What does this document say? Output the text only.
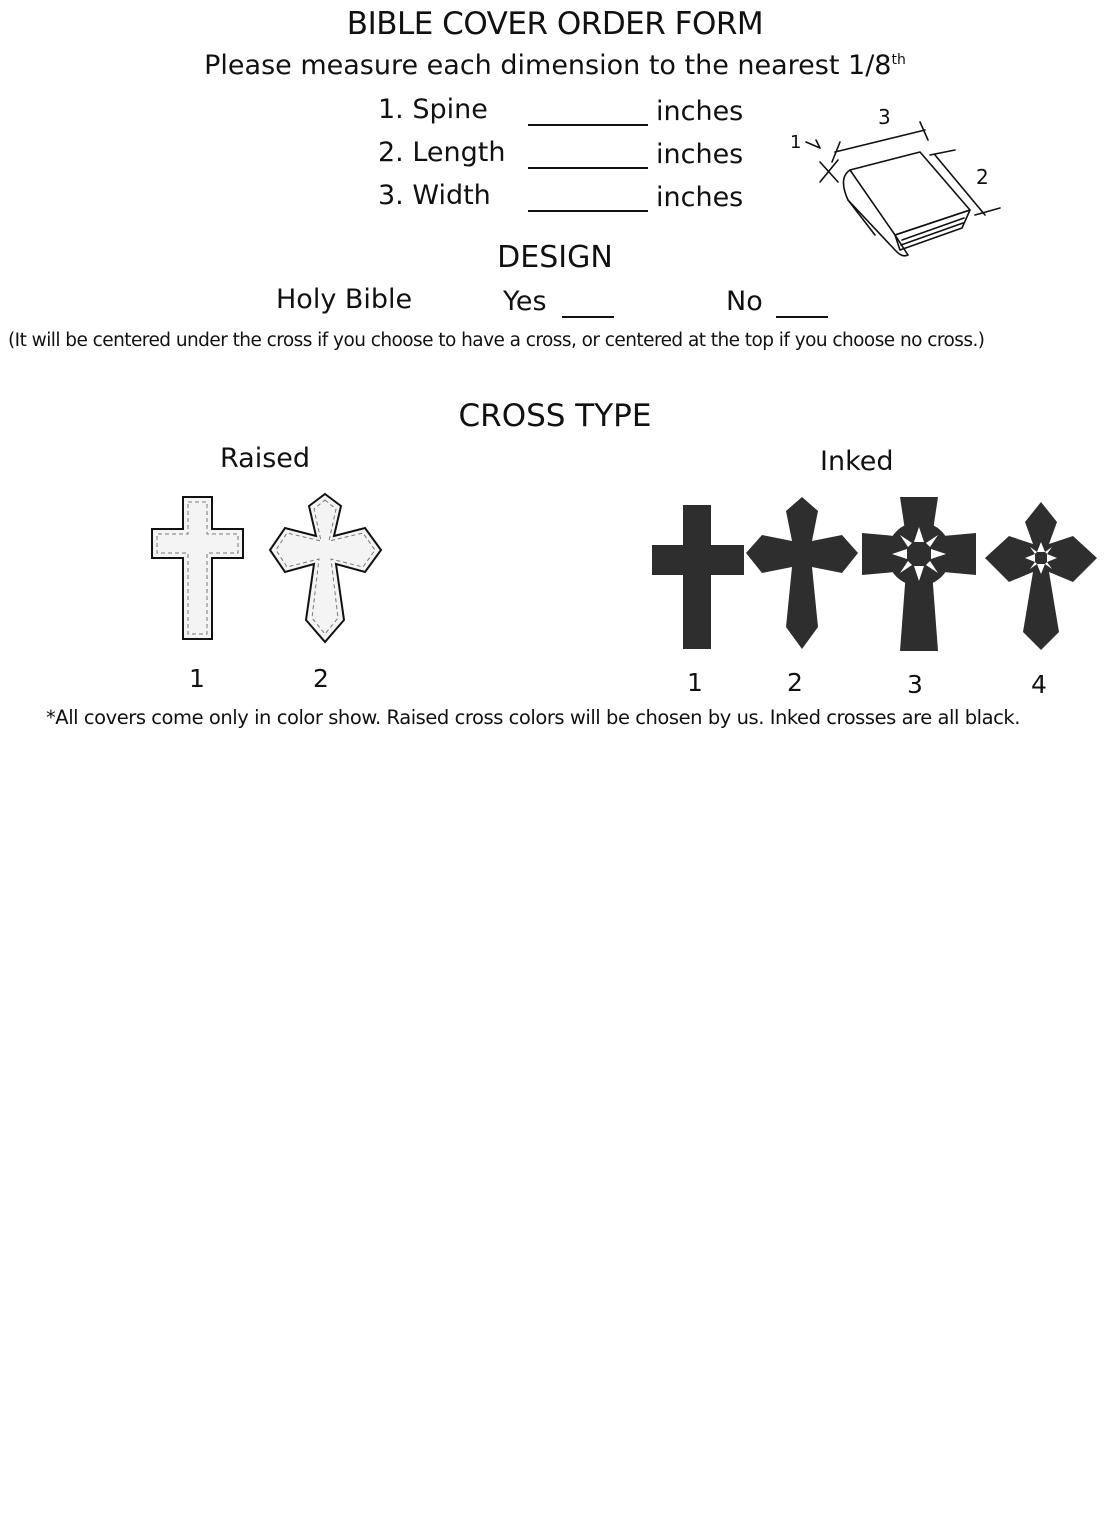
BIBLE COVER ORDER FORM
Please measure each dimension to the nearest 1/8th
1. Spine	inches
2. Length	inches
3. Width	inches
1
3
2
DESIGN
Holy Bible	Yes	No
(It will be centered under the cross if you choose to have a cross, or centered at the top if you choose no cross.)
CROSS TYPE
Raised	Inked
1	2	1	2	3	4
*All covers come only in color show. Raised cross colors will be chosen by us. Inked crosses are all black.
